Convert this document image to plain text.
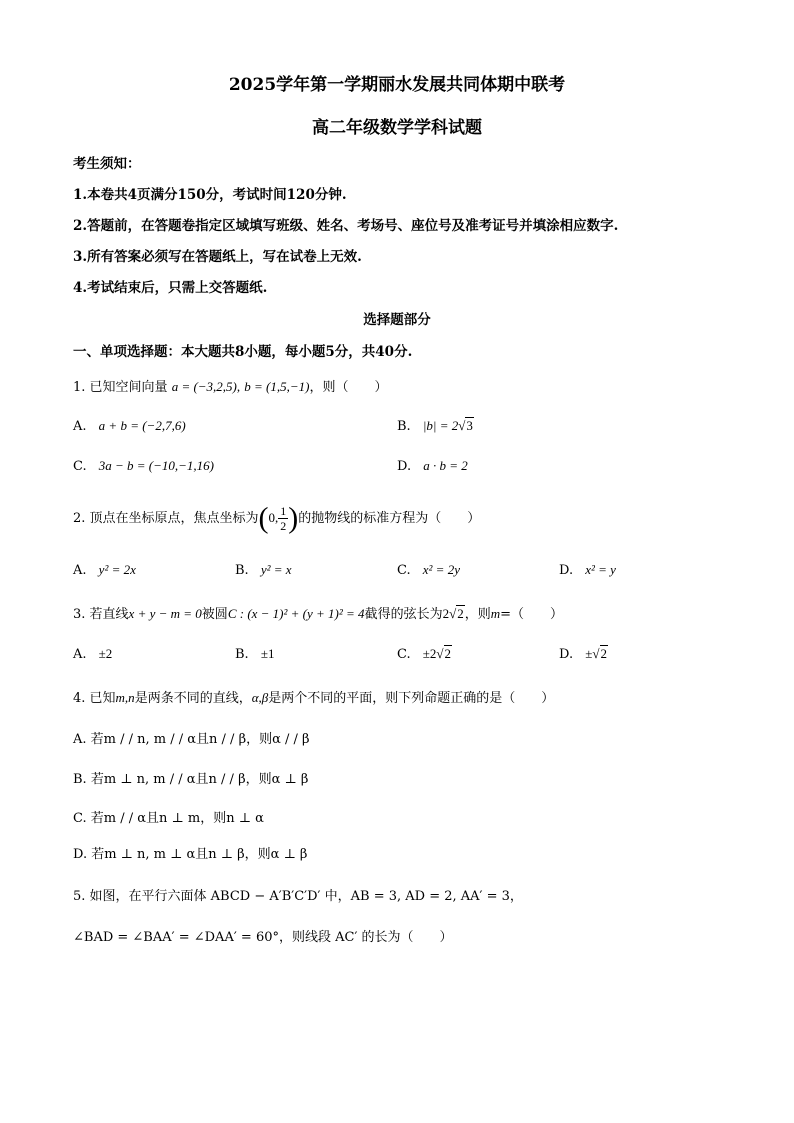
2025学年第一学期丽水发展共同体期中联考
高二年级数学学科试题
考生须知：
1.本卷共4页满分150分，考试时间120分钟.
2.答题前，在答题卷指定区域填写班级、姓名、考场号、座位号及准考证号并填涂相应数字.
3.所有答案必须写在答题纸上，写在试卷上无效.
4.考试结束后，只需上交答题纸.
选择题部分
一、单项选择题：本大题共8小题，每小题5分，共40分.
1. 已知空间向量 a = (−3,2,5), b = (1,5,−1)，则（　　）
A. a + b = (−2,7,6)	B. |b| = 2√3
C. 3a − b = (−10,−1,16)	D. a · b = 2
2. 顶点在坐标原点，焦点坐标为(0, $\frac{1}{2}$ )的抛物线的标准方程为（　　）
A. y² = 2x	B. y² = x	C. x² = 2y	D. x² = y
3. 若直线x + y − m = 0被圆C : (x − 1)² + (y + 1)² = 4截得的弦长为2√2，则m=（　　）
A. ±2	B. ±1	C. ±2√2	D. ±√2
4. 已知m,n是两条不同的直线，α,β是两个不同的平面，则下列命题正确的是（　　）
A. 若m / / n, m / / α且n / / β，则α / / β
B. 若m ⊥ n, m / / α且n / / β，则α ⊥ β
C. 若m / / α且n ⊥ m，则n ⊥ α
D. 若m ⊥ n, m ⊥ α且n ⊥ β，则α ⊥ β
5. 如图，在平行六面体 ABCD − A′B′C′D′ 中，AB = 3, AD = 2, AA′ = 3，
∠BAD = ∠BAA′ = ∠DAA′ = 60°，则线段 AC′ 的长为（　　）
